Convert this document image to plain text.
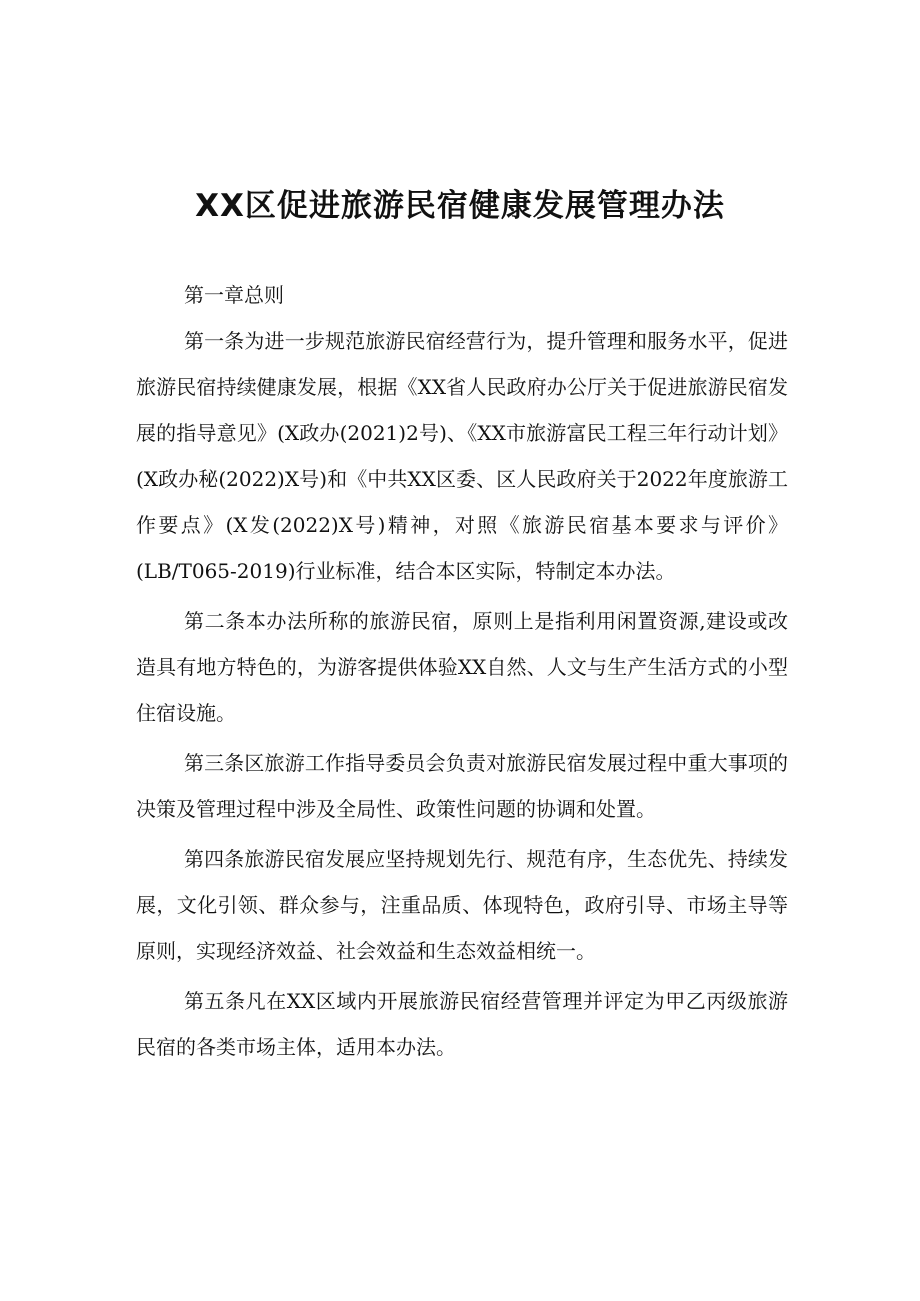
XX区促进旅游民宿健康发展管理办法
第一章总则

第一条为进一步规范旅游民宿经营行为，提升管理和服务水平，促进旅游民宿持续健康发展，根据《XX省人民政府办公厅关于促进旅游民宿发展的指导意见》(X政办(2021)2号)、《XX市旅游富民工程三年行动计划》(X政办秘(2022)X号)和《中共XX区委、区人民政府关于2022年度旅游工作要点》(X发(2022)X号)精神，对照《旅游民宿基本要求与评价》(LB/T065-2019)行业标准，结合本区实际，特制定本办法。

第二条本办法所称的旅游民宿，原则上是指利用闲置资源,建设或改造具有地方特色的，为游客提供体验XX自然、人文与生产生活方式的小型住宿设施。

第三条区旅游工作指导委员会负责对旅游民宿发展过程中重大事项的决策及管理过程中涉及全局性、政策性问题的协调和处置。

第四条旅游民宿发展应坚持规划先行、规范有序，生态优先、持续发展，文化引领、群众参与，注重品质、体现特色，政府引导、市场主导等原则，实现经济效益、社会效益和生态效益相统一。

第五条凡在XX区域内开展旅游民宿经营管理并评定为甲乙丙级旅游民宿的各类市场主体，适用本办法。
